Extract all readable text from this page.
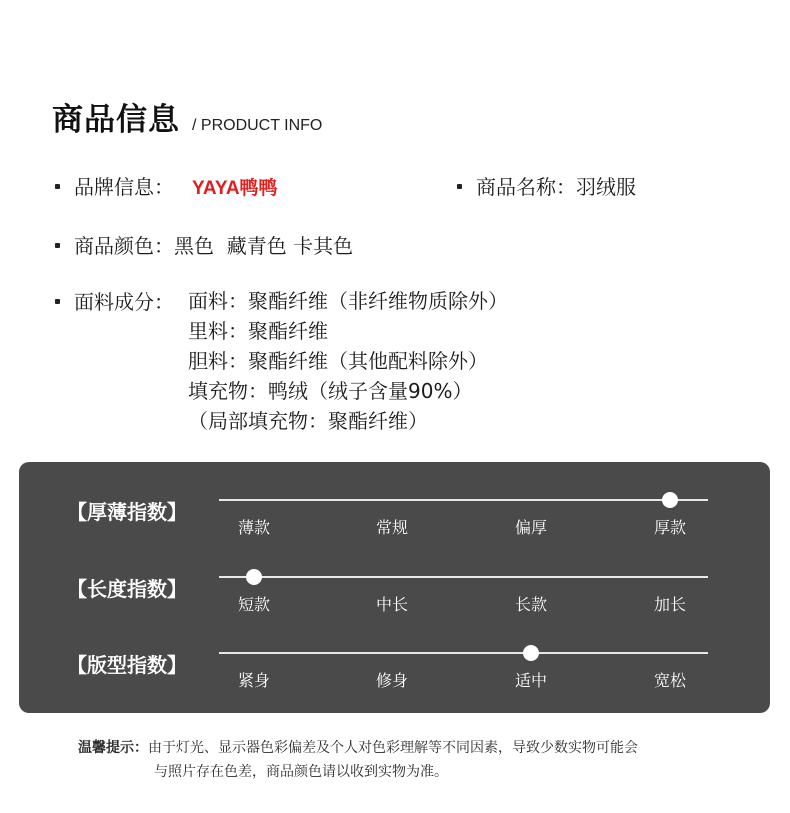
商品信息 / PRODUCT INFO
品牌信息： YAYA鸭鸭	商品名称： 羽绒服
商品颜色： 黑色  藏青色 卡其色
面料成分： 面料：聚酯纤维（非纤维物质除外）
里料：聚酯纤维
胆料：聚酯纤维（其他配料除外）
填充物：鸭绒（绒子含量90%）
（局部填充物：聚酯纤维）
【厚薄指数】
薄款	常规	偏厚	厚款
【长度指数】
短款	中长	长款	加长
【版型指数】
紧身	修身	适中	宽松
温馨提示：由于灯光、显示器色彩偏差及个人对色彩理解等不同因素，导致少数实物可能会
与照片存在色差，商品颜色请以收到实物为准。
